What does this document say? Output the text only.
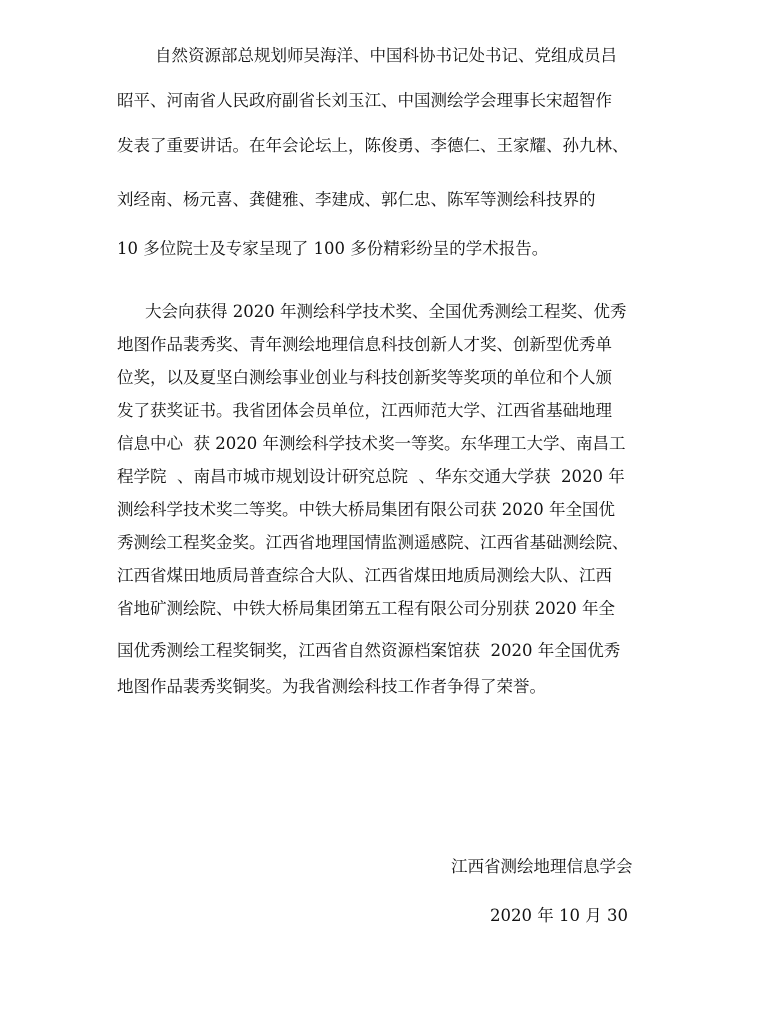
自然资源部总规划师吴海洋、中国科协书记处书记、党组成员吕

昭平、河南省人民政府副省长刘玉江、中国测绘学会理事长宋超智作

发表了重要讲话。在年会论坛上，陈俊勇、李德仁、王家耀、孙九林、

刘经南、杨元喜、龚健雅、李建成、郭仁忠、陈军等测绘科技界的

10 多位院士及专家呈现了 100 多份精彩纷呈的学术报告。

大会向获得 2020 年测绘科学技术奖、全国优秀测绘工程奖、优秀

地图作品裴秀奖、青年测绘地理信息科技创新人才奖、创新型优秀单

位奖，以及夏坚白测绘事业创业与科技创新奖等奖项的单位和个人颁

发了获奖证书。我省团体会员单位，江西师范大学、江西省基础地理

信息中心  获 2020 年测绘科学技术奖一等奖。东华理工大学、南昌工

程学院  、南昌市城市规划设计研究总院  、华东交通大学获  2020 年

测绘科学技术奖二等奖。中铁大桥局集团有限公司获 2020 年全国优

秀测绘工程奖金奖。江西省地理国情监测遥感院、江西省基础测绘院、

江西省煤田地质局普查综合大队、江西省煤田地质局测绘大队、江西

省地矿测绘院、中铁大桥局集团第五工程有限公司分别获 2020 年全

国优秀测绘工程奖铜奖，江西省自然资源档案馆获  2020 年全国优秀

地图作品裴秀奖铜奖。为我省测绘科技工作者争得了荣誉。

江西省测绘地理信息学会
2020 年 10 月 30
